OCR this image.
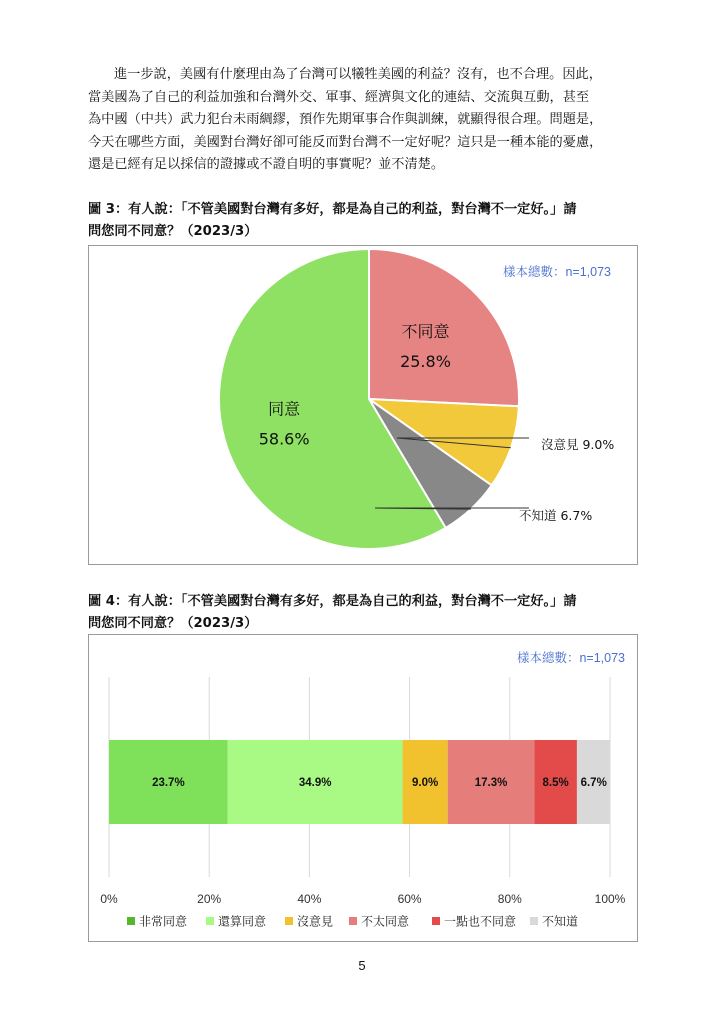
進一步說，美國有什麼理由為了台灣可以犧牲美國的利益？沒有，也不合理。因此，

當美國為了自己的利益加強和台灣外交、軍事、經濟與文化的連結、交流與互動，甚至

為中國（中共）武力犯台未雨綢繆，預作先期軍事合作與訓練，就顯得很合理。問題是，

今天在哪些方面，美國對台灣好卻可能反而對台灣不一定好呢？這只是一種本能的憂慮，

還是已經有足以採信的證據或不證自明的事實呢？並不清楚。

圖 3：有人說：「不管美國對台灣有多好，都是為自己的利益，對台灣不一定好。」請
問您同不同意？（2023/3）
樣本總數：n=1,073
不同意
25.8%
沒意見 9.0%
不知道 6.7%
同意
58.6%
圖 4：有人說：「不管美國對台灣有多好，都是為自己的利益，對台灣不一定好。」請
問您同不同意？（2023/3）
樣本總數：n=1,073
23.7%	34.9%	9.0%	17.3%	8.5% 6.7%
0%	20%	40%	60%	80%	100%
非常同意	還算同意	沒意見 不太同意	一點也不同意 不知道
5
